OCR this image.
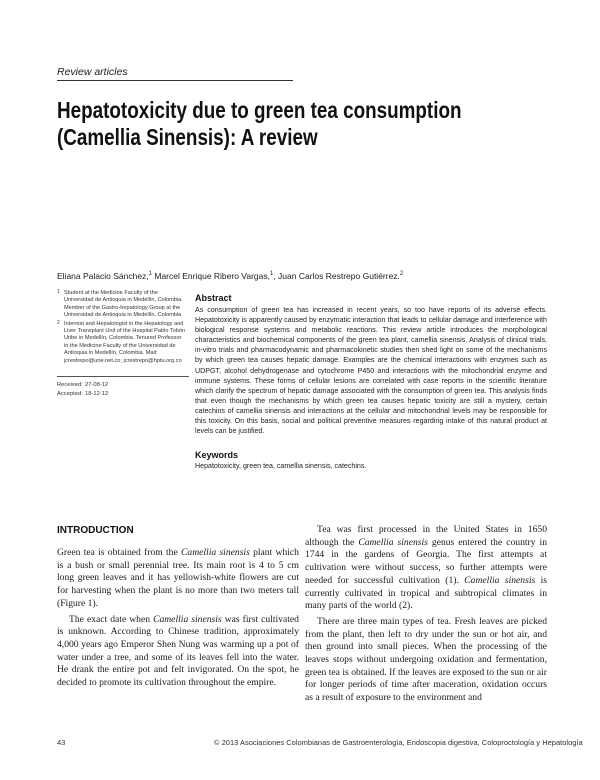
Review articles
Hepatotoxicity due to green tea consumption
(Camellia Sinensis): A review
Eliana Palacio Sánchez,$^1$ Marcel Enrique Ribero Vargas,$^1$, Juan Carlos Restrepo Gutiérrez.$^2$
1 Student at the Medicine Faculty of the Universidad de Antioquia in Medellín, Colombia. Member of the Gastro-hepatology Group at the Universidad de Antioquia in Medellín, Colombia
2 Internist and Hepatologist in the Hepatology and Liver Transplant Unit of the Hospital Pablo Tobón Uribe in Medellín, Colombia. Tenured Professor in the Medicine Faculty of the Universidad de Antioquia in Medellín, Colombia. Mail: jcrestrepo@une.net.co; jcrestrepo@hptu.org.co
Received: 27-08-12
Accepted: 18-12-12
Abstract

As consumption of green tea has increased in recent years, so too have reports of its adverse effects. Hepatotoxicity is apparently caused by enzymatic interaction that leads to cellular damage and interference with biological response systems and metabolic reactions. This review article introduces the morphological characteristics and biochemical components of the green tea plant, camellia sinensis. Analysis of clinical trials, in-vitro trials and pharmacodynamic and pharmacokinetic studies then shed light on some of the mechanisms by which green tea causes hepatic damage. Examples are the chemical interactions with enzymes such as UDPGT, alcohol dehydrogenase and cytochrome P450 and interactions with the mitochondrial enzyme and immune systems. These forms of cellular lesions are correlated with case reports in the scientific literature which clarify the spectrum of hepatic damage associated with the consumption of green tea. This analysis finds that even though the mechanisms by which green tea causes hepatic toxicity are still a mystery, certain catechins of camellia sinensis and interactions at the cellular and mitochondrial levels may be responsible for this toxicity. On this basis, social and political preventive measures regarding intake of this natural product at levels can be justified.

Keywords
Hepatotoxicity, green tea, camellia sinensis, catechins.
INTRODUCTION

Green tea is obtained from the Camellia sinensis plant which is a bush or small perennial tree. Its main root is 4 to 5 cm long green leaves and it has yellowish-white flowers are cut for harvesting when the plant is no more than two meters tall (Figure 1).

The exact date when Camellia sinensis was first cultivated is unknown. According to Chinese tradition, approximately 4,000 years ago Emperor Shen Nung was warming up a pot of water under a tree, and some of its leaves fell into the water. He drank the entire pot and felt invigorated. On the spot, he decided to promote its cultivation throughout the empire.

Tea was first processed in the United States in 1650 although the Camellia sinensis genus entered the country in 1744 in the gardens of Georgia. The first attempts at cultivation were without success, so further attempts were needed for successful cultivation (1). Camellia sinensis is currently cultivated in tropical and subtropical climates in many parts of the world (2).

There are three main types of tea. Fresh leaves are picked from the plant, then left to dry under the sun or hot air, and then ground into small pieces. When the processing of the leaves stops without undergoing oxidation and fermentation, green tea is obtained. If the leaves are exposed to the sun or air for longer periods of time after maceration, oxidation occurs as a result of exposure to the environment and

43	© 2013 Asociaciones Colombianas de Gastroenterología, Endoscopia digestiva, Coloproctología y Hepatología
